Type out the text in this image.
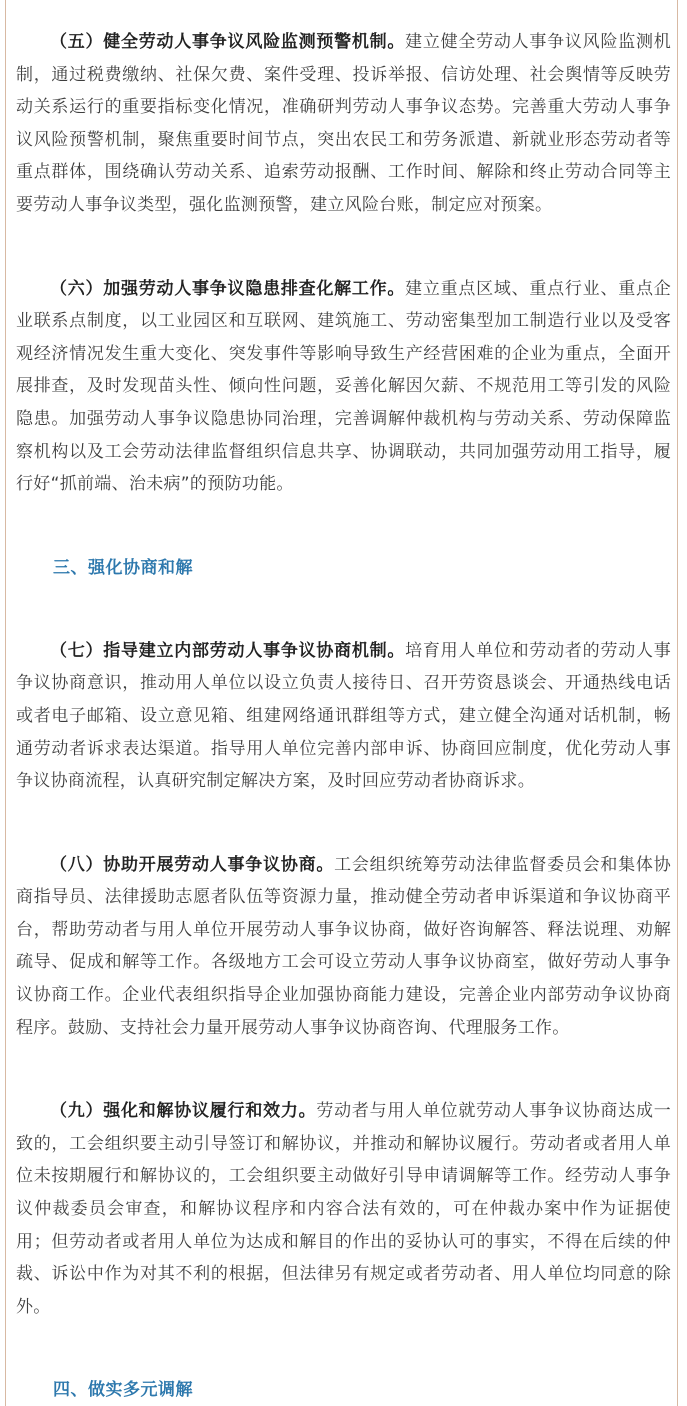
（五）健全劳动人事争议风险监测预警机制。建立健全劳动人事争议风险监测机制，通过税费缴纳、社保欠费、案件受理、投诉举报、信访处理、社会舆情等反映劳动关系运行的重要指标变化情况，准确研判劳动人事争议态势。完善重大劳动人事争议风险预警机制，聚焦重要时间节点，突出农民工和劳务派遣、新就业形态劳动者等重点群体，围绕确认劳动关系、追索劳动报酬、工作时间、解除和终止劳动合同等主要劳动人事争议类型，强化监测预警，建立风险台账，制定应对预案。

（六）加强劳动人事争议隐患排查化解工作。建立重点区域、重点行业、重点企业联系点制度，以工业园区和互联网、建筑施工、劳动密集型加工制造行业以及受客观经济情况发生重大变化、突发事件等影响导致生产经营困难的企业为重点，全面开展排查，及时发现苗头性、倾向性问题，妥善化解因欠薪、不规范用工等引发的风险隐患。加强劳动人事争议隐患协同治理，完善调解仲裁机构与劳动关系、劳动保障监察机构以及工会劳动法律监督组织信息共享、协调联动，共同加强劳动用工指导，履行好“抓前端、治未病”的预防功能。

三、强化协商和解

（七）指导建立内部劳动人事争议协商机制。培育用人单位和劳动者的劳动人事争议协商意识，推动用人单位以设立负责人接待日、召开劳资恳谈会、开通热线电话或者电子邮箱、设立意见箱、组建网络通讯群组等方式，建立健全沟通对话机制，畅通劳动者诉求表达渠道。指导用人单位完善内部申诉、协商回应制度，优化劳动人事争议协商流程，认真研究制定解决方案，及时回应劳动者协商诉求。

（八）协助开展劳动人事争议协商。工会组织统筹劳动法律监督委员会和集体协商指导员、法律援助志愿者队伍等资源力量，推动健全劳动者申诉渠道和争议协商平台，帮助劳动者与用人单位开展劳动人事争议协商，做好咨询解答、释法说理、劝解疏导、促成和解等工作。各级地方工会可设立劳动人事争议协商室，做好劳动人事争议协商工作。企业代表组织指导企业加强协商能力建设，完善企业内部劳动争议协商程序。鼓励、支持社会力量开展劳动人事争议协商咨询、代理服务工作。

（九）强化和解协议履行和效力。劳动者与用人单位就劳动人事争议协商达成一致的，工会组织要主动引导签订和解协议，并推动和解协议履行。劳动者或者用人单位未按期履行和解协议的，工会组织要主动做好引导申请调解等工作。经劳动人事争议仲裁委员会审查，和解协议程序和内容合法有效的，可在仲裁办案中作为证据使用；但劳动者或者用人单位为达成和解目的作出的妥协认可的事实，不得在后续的仲裁、诉讼中作为对其不利的根据，但法律另有规定或者劳动者、用人单位均同意的除外。

四、做实多元调解
